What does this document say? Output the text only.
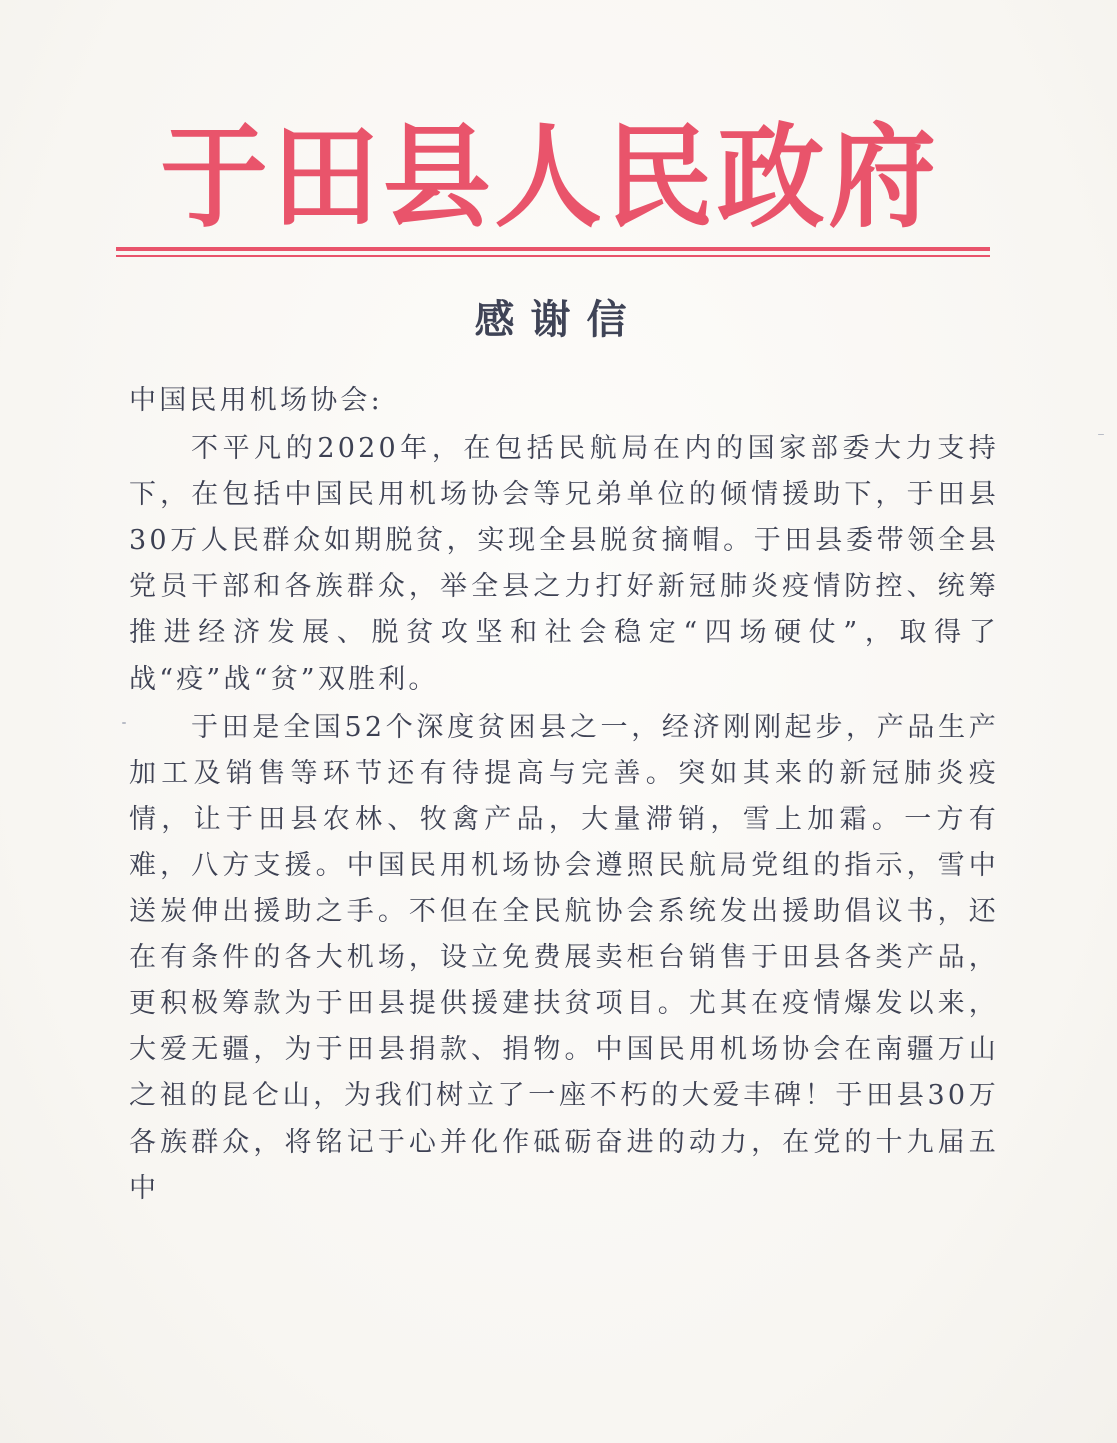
于田县人民政府
感谢信

中国民用机场协会:

不平凡的2020年，在包括民航局在内的国家部委大力支持下，在包括中国民用机场协会等兄弟单位的倾情援助下，于田县30万人民群众如期脱贫，实现全县脱贫摘帽。于田县委带领全县党员干部和各族群众，举全县之力打好新冠肺炎疫情防控、统筹推进经济发展、脱贫攻坚和社会稳定“四场硬仗”，取得了战“疫”战“贫”双胜利。

于田是全国52个深度贫困县之一，经济刚刚起步，产品生产加工及销售等环节还有待提高与完善。突如其来的新冠肺炎疫情，让于田县农林、牧禽产品，大量滞销，雪上加霜。一方有难，八方支援。中国民用机场协会遵照民航局党组的指示，雪中送炭伸出援助之手。不但在全民航协会系统发出援助倡议书，还在有条件的各大机场，设立免费展卖柜台销售于田县各类产品，更积极筹款为于田县提供援建扶贫项目。尤其在疫情爆发以来，大爱无疆，为于田县捐款、捐物。中国民用机场协会在南疆万山之祖的昆仑山，为我们树立了一座不朽的大爱丰碑！于田县30万各族群众，将铭记于心并化作砥砺奋进的动力，在党的十九届五中
